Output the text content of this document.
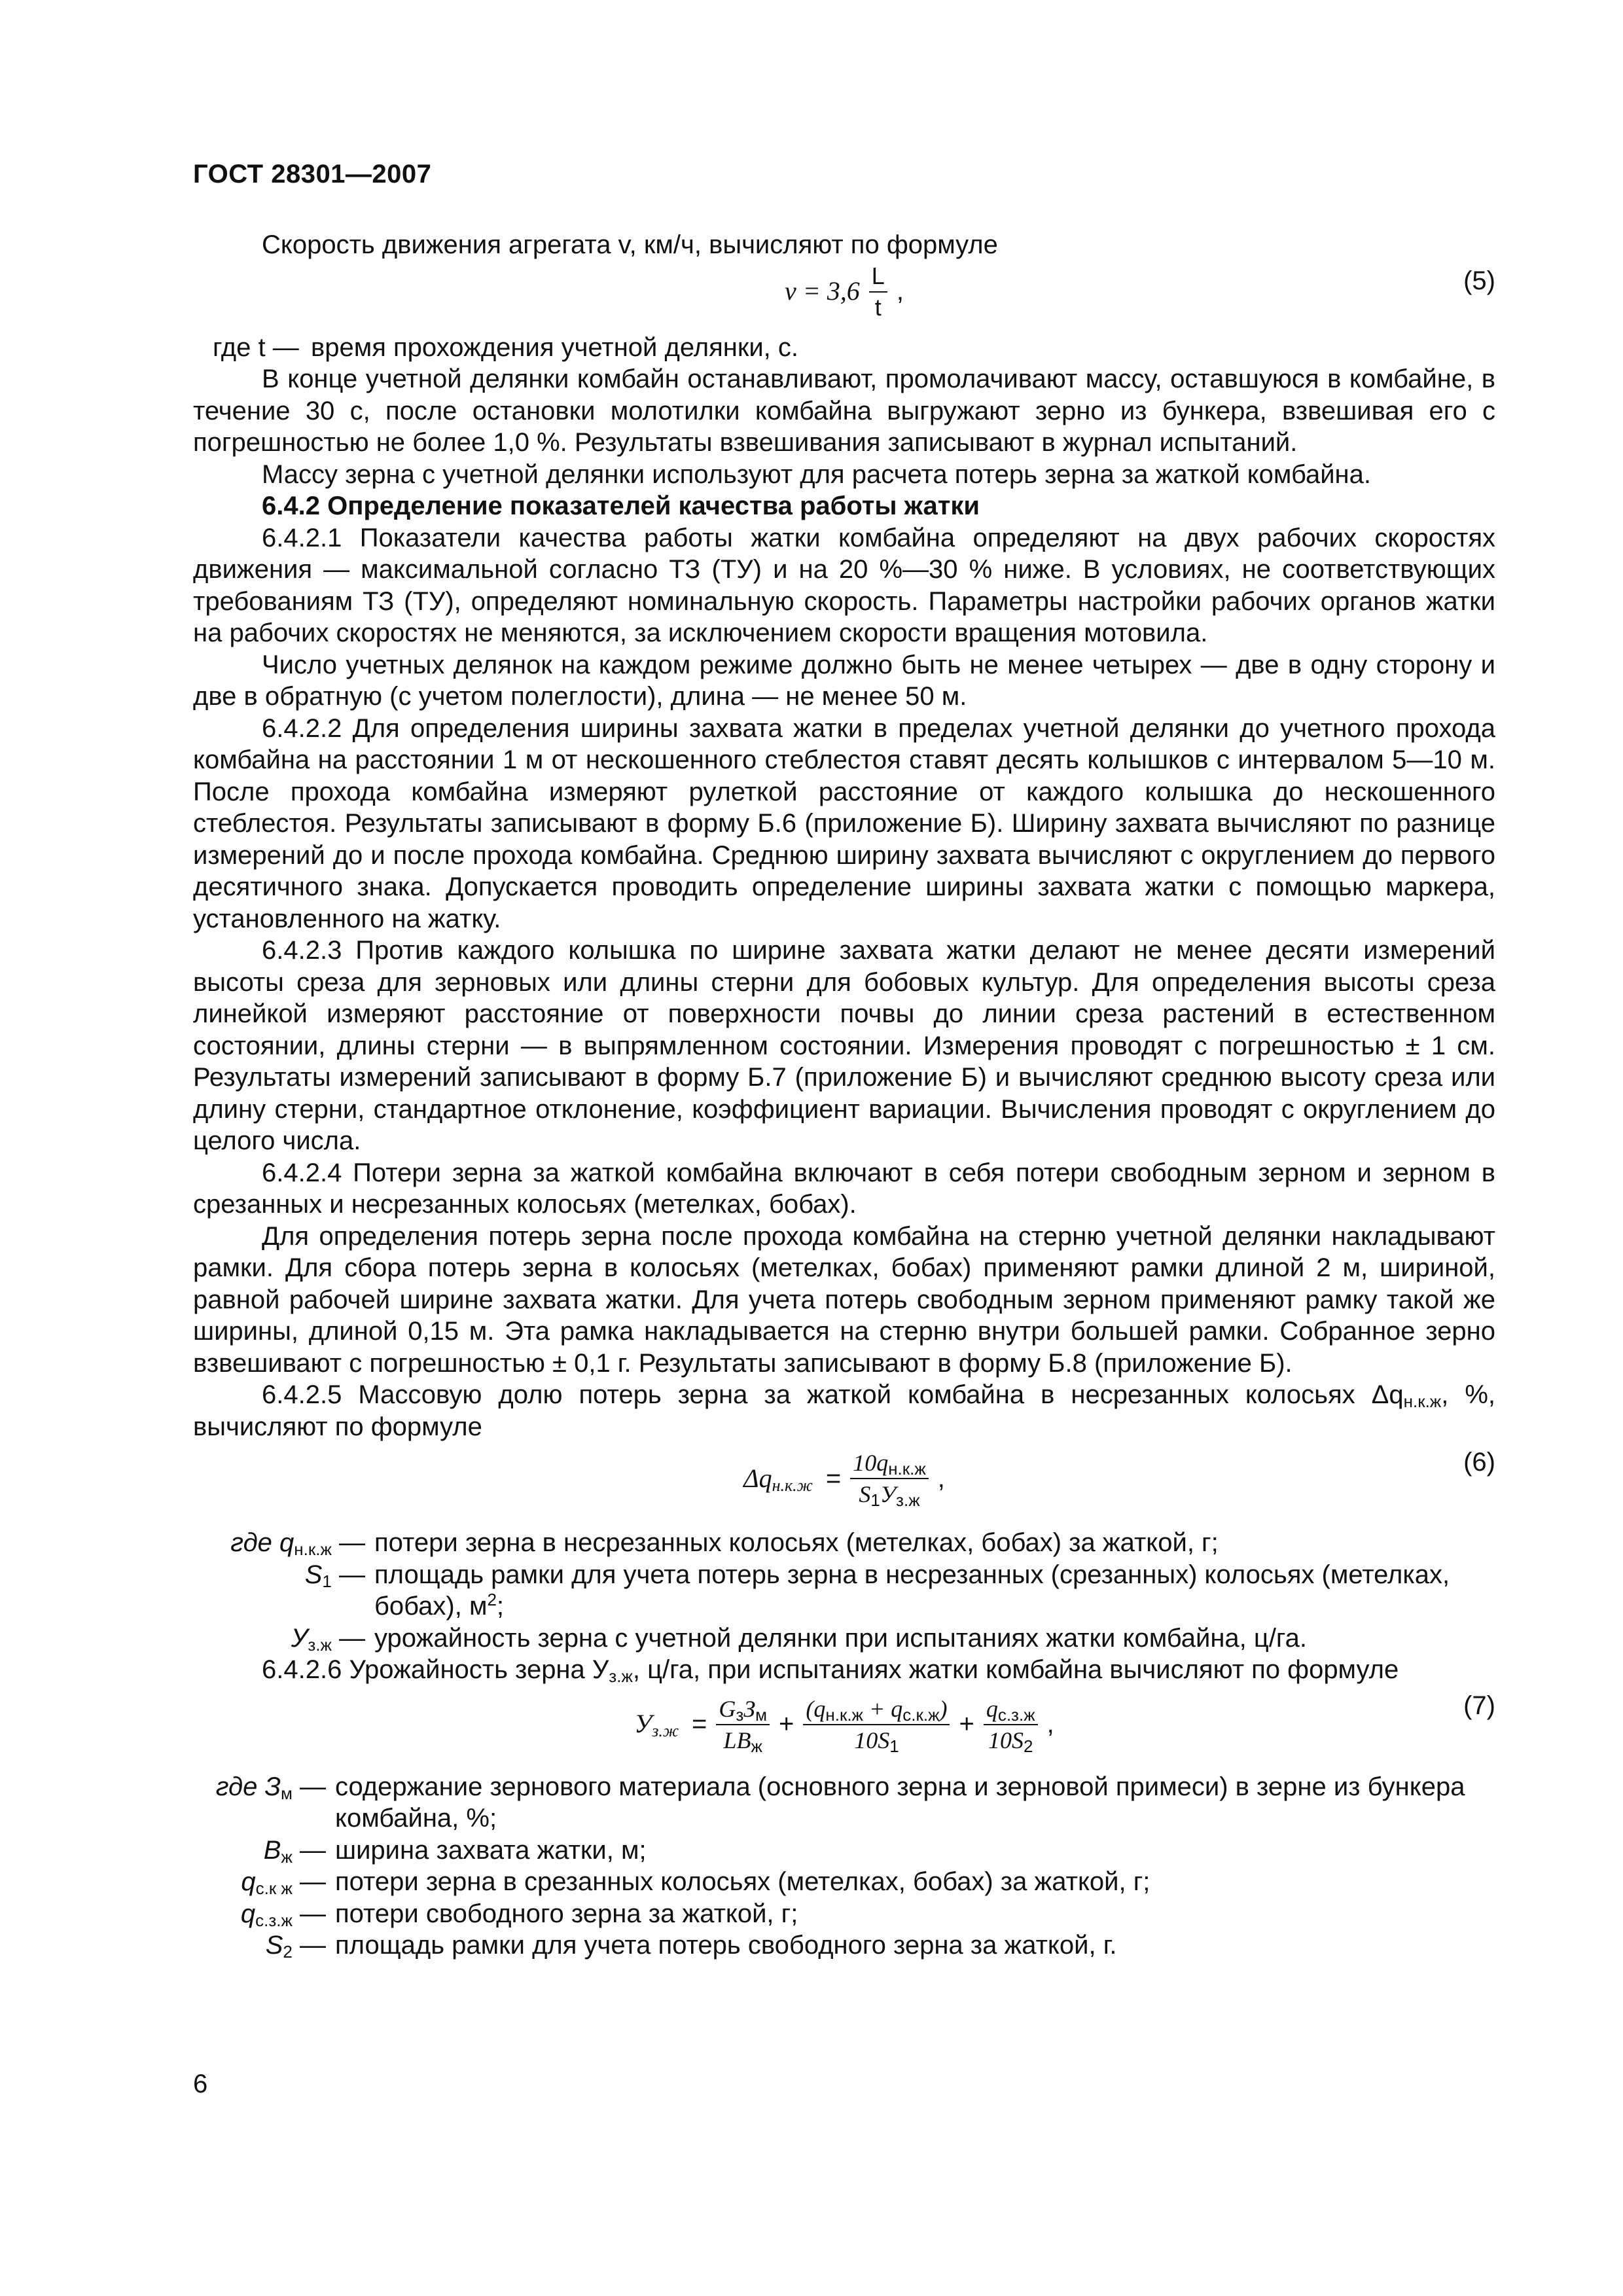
ГОСТ 28301—2007

Скорость движения агрегата v, км/ч, вычисляют по формуле

$v = 3,6 \frac{L}{t}$ ,	(5)
где t — время прохождения учетной делянки, с.

В конце учетной делянки комбайн останавливают, промолачивают массу, оставшуюся в комбайне, в течение 30 с, после остановки молотилки комбайна выгружают зерно из бункера, взвешивая его с погрешностью не более 1,0 %. Результаты взвешивания записывают в журнал испытаний.

Массу зерна с учетной делянки используют для расчета потерь зерна за жаткой комбайна.

6.4.2 Определение показателей качества работы жатки

6.4.2.1 Показатели качества работы жатки комбайна определяют на двух рабочих скоростях движения — максимальной согласно ТЗ (ТУ) и на 20 %—30 % ниже. В условиях, не соответствующих требованиям ТЗ (ТУ), определяют номинальную скорость. Параметры настройки рабочих органов жатки на рабочих скоростях не меняются, за исключением скорости вращения мотовила.

Число учетных делянок на каждом режиме должно быть не менее четырех — две в одну сторону и две в обратную (с учетом полеглости), длина — не менее 50 м.

6.4.2.2 Для определения ширины захвата жатки в пределах учетной делянки до учетного прохода комбайна на расстоянии 1 м от нескошенного стеблестоя ставят десять колышков с интервалом 5—10 м. После прохода комбайна измеряют рулеткой расстояние от каждого колышка до нескошенного стеблестоя. Результаты записывают в форму Б.6 (приложение Б). Ширину захвата вычисляют по разнице измерений до и после прохода комбайна. Среднюю ширину захвата вычисляют с округлением до первого десятичного знака. Допускается проводить определение ширины захвата жатки с помощью маркера, установленного на жатку.

6.4.2.3 Против каждого колышка по ширине захвата жатки делают не менее десяти измерений высоты среза для зерновых или длины стерни для бобовых культур. Для определения высоты среза линейкой измеряют расстояние от поверхности почвы до линии среза растений в естественном состоянии, длины стерни — в выпрямленном состоянии. Измерения проводят с погрешностью ± 1 см. Результаты измерений записывают в форму Б.7 (приложение Б) и вычисляют среднюю высоту среза или длину стерни, стандартное отклонение, коэффициент вариации. Вычисления проводят с округлением до целого числа.

6.4.2.4 Потери зерна за жаткой комбайна включают в себя потери свободным зерном и зерном в срезанных и несрезанных колосьях (метелках, бобах).

Для определения потерь зерна после прохода комбайна на стерню учетной делянки накладывают рамки. Для сбора потерь зерна в колосьях (метелках, бобах) применяют рамки длиной 2 м, шириной, равной рабочей ширине захвата жатки. Для учета потерь свободным зерном применяют рамку такой же ширины, длиной 0,15 м. Эта рамка накладывается на стерню внутри большей рамки. Собранное зерно взвешивают с погрешностью ± 0,1 г. Результаты записывают в форму Б.8 (приложение Б).

6.4.2.5 Массовую долю потерь зерна за жаткой комбайна в несрезанных колосьях $\Delta q_{н.к.ж}$, %, вычисляют по формуле

$\Delta q_{н.к.ж} = \frac{10q_{н.к.ж}}{S_1У_{з.ж}}$ ,
(6)
где $q_{н.к.ж}$ — потери зерна в несрезанных колосьях (метелках, бобах) за жаткой, г;
$S_1$ — площадь рамки для учета потерь зерна в несрезанных (срезанных) колосьях (метелках, бобах), $м^2$;
$У_{з.ж}$ — урожайность зерна с учетной делянки при испытаниях жатки комбайна, ц/га.

6.4.2.6 Урожайность зерна $У_{з.ж}$, ц/га, при испытаниях жатки комбайна вычисляют по формуле

$У_{з.ж} = \frac{G_зЗ_м}{LB_ж} + \frac{(q_{н.к.ж} + q_{с.к.ж})}{10S_1} + \frac{q_{с.з.ж}}{10S_2}$ ,
(7)
где $З_м$ — содержание зернового материала (основного зерна и зерновой примеси) в зерне из бункера комбайна, %;
$В_ж$ — ширина захвата жатки, м;
$q_{с.к ж}$ — потери зерна в срезанных колосьях (метелках, бобах) за жаткой, г;
$q_{с.з.ж}$ — потери свободного зерна за жаткой, г;
$S_2$ — площадь рамки для учета потерь свободного зерна за жаткой, г.
6
